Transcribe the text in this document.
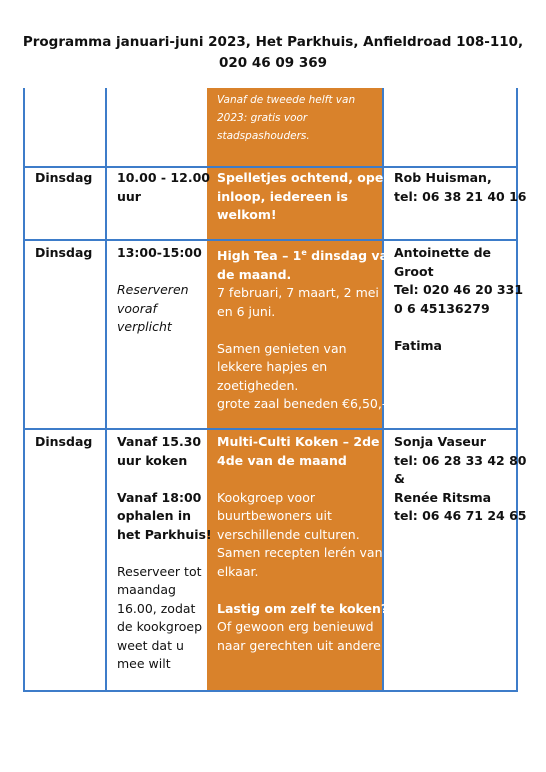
Programma januari-juni 2023, Het Parkhuis, Anfieldroad 108-110,
020 46 09 369
Vanaf de tweede helft van
2023: gratis voor
stadspashouders.
Dinsdag 10.00 - 12.00
uur
Spelletjes ochtend, open
inloop, iedereen is
welkom!
Rob Huisman,
tel: 06 38 21 40 16
Dinsdag 13:00-15:00
Reserveren
vooraf
verplicht
High Tea – 1e dinsdag van
de maand.
7 februari, 7 maart, 2 mei
en 6 juni.
Samen genieten van
lekkere hapjes en
zoetigheden.
grote zaal beneden €6,50,-
Antoinette de
Groot
Tel: 020 46 20 331
0 6 45136279
Fatima
Dinsdag Vanaf 15.30
uur koken
Vanaf 18:00
ophalen in
het Parkhuis!
Reserveer tot
maandag
16.00, zodat
de kookgroep
weet dat u
mee wilt
Multi-Culti Koken – 2de +
4de van de maand
Kookgroep voor
buurtbewoners uit
verschillende culturen.
Samen recepten lerén van
elkaar.
Lastig om zelf te koken?
Of gewoon erg benieuwd
naar gerechten uit andere
Sonja Vaseur
tel: 06 28 33 42 80
&
Renée Ritsma
tel: 06 46 71 24 65
